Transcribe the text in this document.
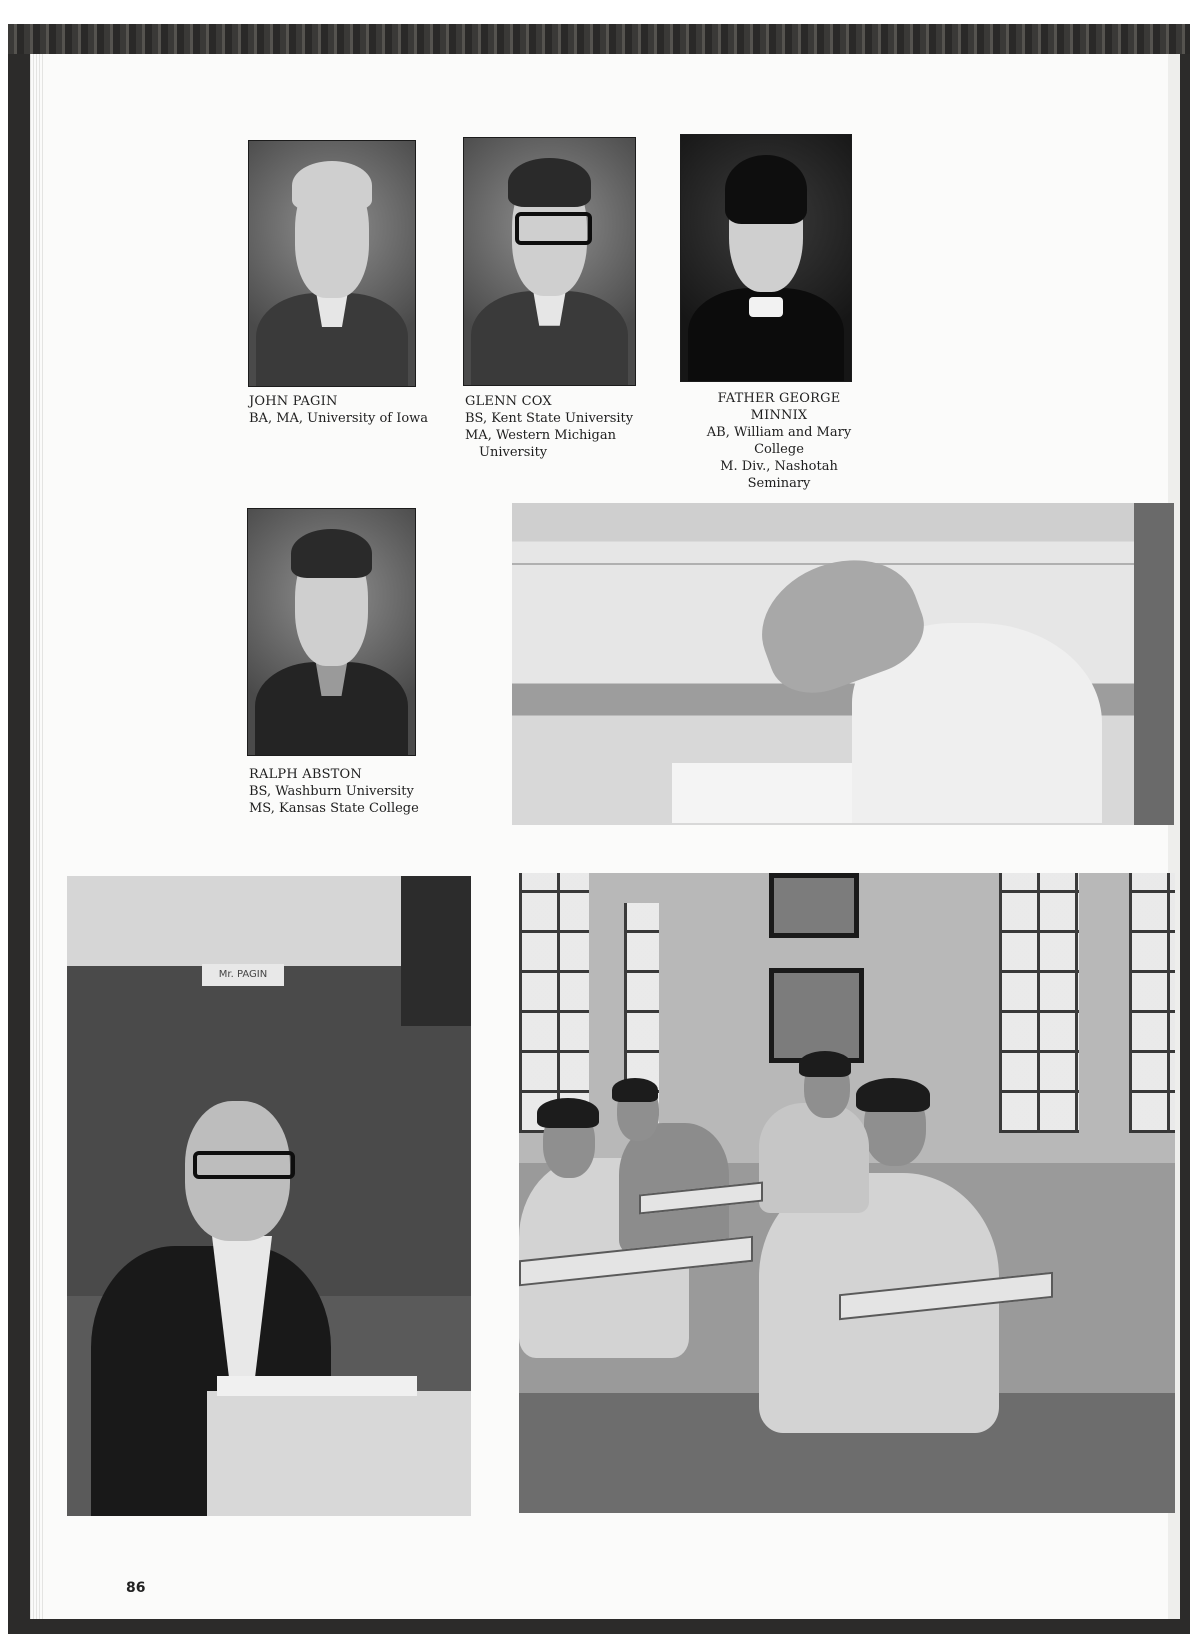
JOHN PAGIN
BA, MA, University of Iowa
GLENN COX
BS, Kent State University
MA, Western Michigan
University
FATHER GEORGE
MINNIX
AB, William and Mary
College
M. Div., Nashotah
Seminary
RALPH ABSTON
BS, Washburn University
MS, Kansas State College
Mr. PAGIN
86
